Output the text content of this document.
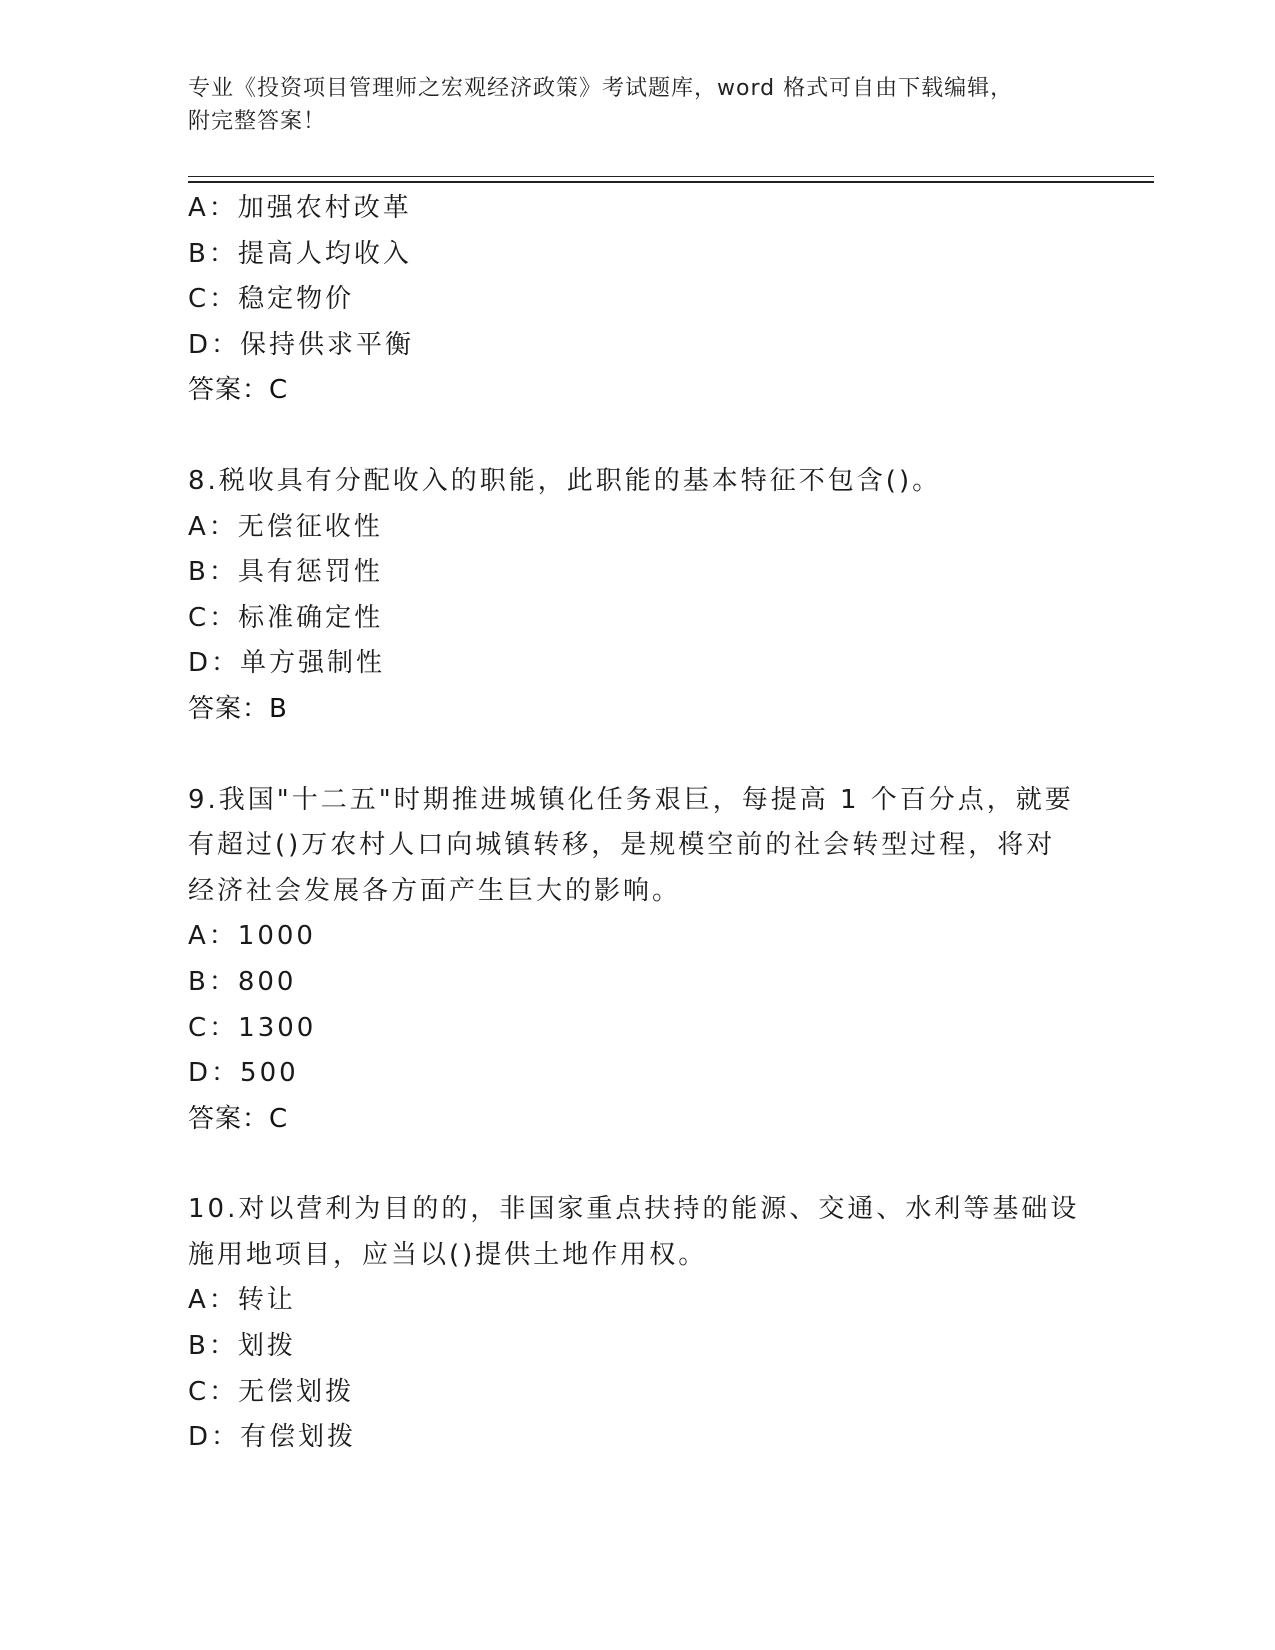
专业《投资项目管理师之宏观经济政策》考试题库，word 格式可自由下载编辑，
附完整答案！
A：加强农村改革
B：提高人均收入
C：稳定物价
D：保持供求平衡
答案：C
8.税收具有分配收入的职能，此职能的基本特征不包含()。
A：无偿征收性
B：具有惩罚性
C：标准确定性
D：单方强制性
答案：B
9.我国"十二五"时期推进城镇化任务艰巨，每提高 1 个百分点，就要
有超过()万农村人口向城镇转移，是规模空前的社会转型过程，将对
经济社会发展各方面产生巨大的影响。
A：1000
B：800
C：1300
D：500
答案：C
10.对以营利为目的的，非国家重点扶持的能源、交通、水利等基础设
施用地项目，应当以()提供土地作用权。
A：转让
B：划拨
C：无偿划拨
D：有偿划拨
